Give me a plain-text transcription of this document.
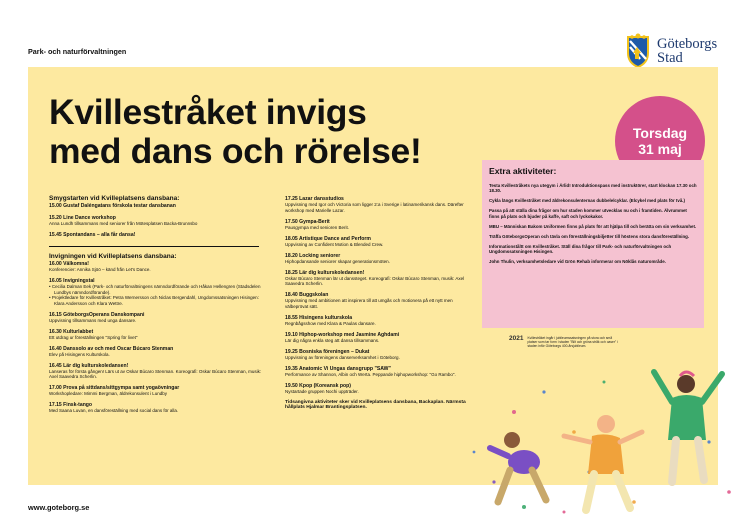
Park- och naturförvaltningen	Göteborgs
Stad
Kvillestråket invigs
med dans och rörelse!	Torsdag
31 maj
Extra aktiviteter:

Testa Kvillestråkets nya utegym i Ärlid! Introduktionspass med instruktörer, start klockan 17.30 och 18.30.

Cykla längs Kvillestråket med äldrekonsulenternas dubbelelcyklar. (Elcykel med plats för två.)

Passa på att ställa dina frågor om hur staden kommer utvecklas nu och i framtiden. Älvrummet finns på plats och bjuder på kaffe, saft och lyckokakor.

MBU – Människan Bakom Uniformen finns på plats för att hjälpa till och berätta om sin verksamhet.

Träffa GöteborgsOperan och tävla om föreställningsbiljetter till höstens stora dansföreställning.

Informationståltt om Kvillestråket. Ställ dina frågor till Park- och naturförvaltningen och Ungdomssatsningen Hisingen.

John Thulin, verksamhetsledare vid Grön Rehab informerar om Nöklås naturområde.

Smygstarten vid Kvilleplatsens dansbana:
15.00 Gustaf Daléngatans förskola testar dansbanan
15.20 Line Dance workshop
Anna Lundh tillsammans med seniorer från Mötesplatsen Backa-Brunnsbo
15.45 Spontandans – alla får dansa!
Invigningen vid Kvilleplatsens dansbana:
16.00 Välkomna!
Konferencier: Annika Sjöö – känd från Let's Dance.
16.05 Invigningstal
• Cecilia Dalman Eek (Park- och naturförvaltningens nämndordförande och Håkan Hellengren (Stadsdelen Lundbys nämndordförande).
• Projektledare för Kvillestråket: Petra Wernersson och Niclas Bergendahl, Ungdomssatsningen Hisingen: Klara Andersson och Klara Wettre.
16.15 GöteborgsOperans Danskompani
Uppvisning tillsammans med unga dansare.
16.30 Kulturlabbet
Ett utdrag ur föreställningen "Spring för livet"
16.40 Danssolo av och med Oscar Búcaro Stenman
Elev på Hisingens Kulturskola.
16.45 Lär dig kulturskoledansen!
Lanseras för första gången! Lärs ut av Oskar Búcaro Stenman. Koreografi: Oskar Búcaro Stenman, musik: Axel Saavedra Scherlin.
17.00 Prova på sittdans/sittgympa samt yogaövningar
Workshopledare: Mimmi Bergman, äldrekonsulent i Lundby
17.15 Finsk-tango
Med Saana Luvan, en dansföreställning med social dans för alla.
17.25 Lazar dansstudios
Uppvisning med Igor och Victoria som ligger 2:a i Sverige i latinamerikansk dans. Därefter workshop med Marielle Lazar.
17.50 Gympa-Berit
Pausgympa med senioren Berit.
18.05 Artistique Dance and Perform
Uppvisning av Confident Motion & Blended Crew.
18.20 Locking seniorer
Hiphopdansande seniorer skapar generationsmöten.
18.25 Lär dig kulturskoledansen!
Oskar Búcaro Stenman lär ut danssteget. Koreografi: Oskar Búcaro Stenman, musik: Axel Saavedra Scherlin.
18.40 Buggskolan
Uppvisning med ambitionen att inspirera till att umgås och motionera på ett nytt men välbeprövat sätt.
18.55 Hisingens kulturskola
Regnbågsshow med Klara & Paulas dansare.
19.10 Hiphop-workshop med Jasmine Aghdami
Lär dig några enkla steg att dansa tillsammans.
19.25 Bosniska föreningen – Dukat
Uppvisning av föreningens danserverksamhet i Göteborg.
19.35 Anatomic Vi Ungas dansgrupp "SAW"
Performance av Shannon, Albin och Werta. Peppande hiphopworkshop: "Go Rambo".
19.50 Kpop (Koreansk pop)
Nystartade gruppen Nochi uppträder.
Tidsangivna aktiviteter sker vid Kvilleplatsens dansbana, Backaplan. Närmsta hållplats Hjalmar Brantingsplatsen.
2021 Kvillestråket ingår i jubileumssatsningen på stora och små platser som tar form i staden "Bilt och gröna stråk och oaser" i staden inför Göteborgs 400-årsjubileum.
www.goteborg.se
